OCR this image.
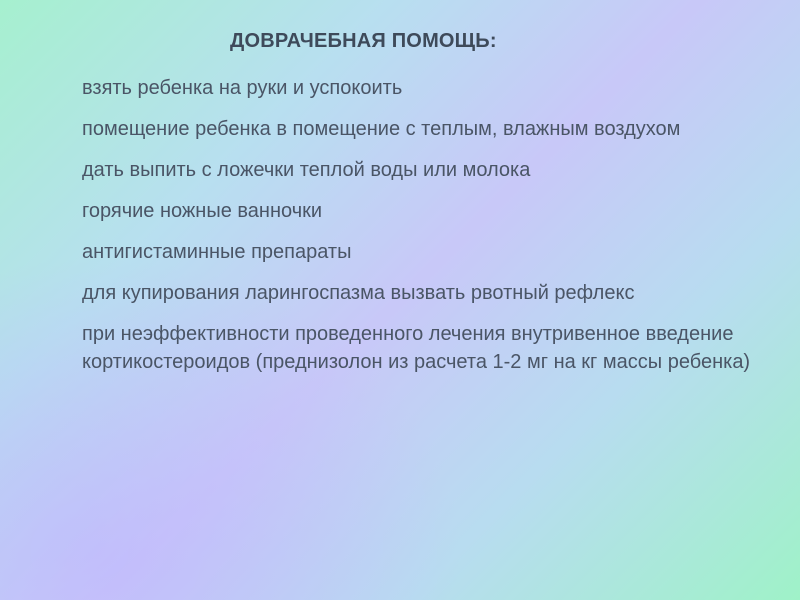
ДОВРАЧЕБНАЯ ПОМОЩЬ:
взять ребенка на руки и успокоить
помещение ребенка в помещение с теплым, влажным воздухом
дать выпить с ложечки теплой воды или молока
горячие ножные ванночки
антигистаминные препараты
для купирования ларингоспазма вызвать рвотный рефлекс
при неэффективности проведенного лечения внутривенное введение кортикостероидов (преднизолон из расчета 1-2 мг на кг массы ребенка)
